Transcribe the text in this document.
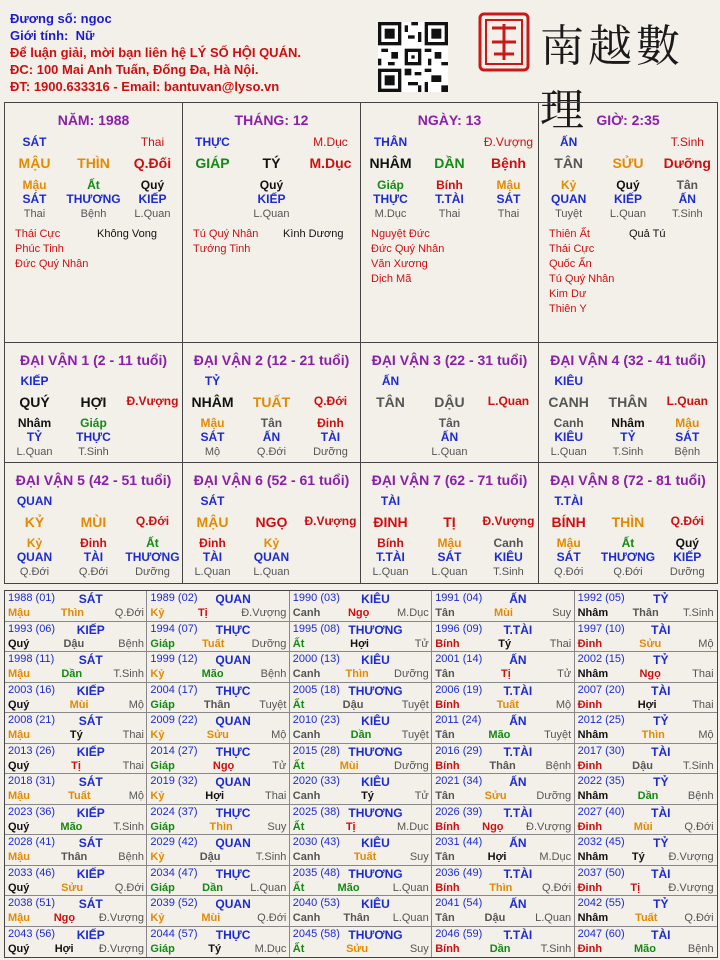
Đương số: ngoc
Giới tính: Nữ
Để luận giải, mời bạn liên hệ LÝ SỐ HỘI QUÁN.
ĐC: 100 Mai Anh Tuấn, Đống Đa, Hà Nội.
ĐT: 1900.633316 - Email: bantuvan@lyso.vn
南越數理
NĂM: 1988
SÁT	Thai
MẬU	THÌN	Q.Đối
Mậu	Ất	Quý
SÁT	THƯƠNG	KIẾP
Thai	Bệnh	L.Quan
Thái Cực
Phúc Tinh
Đức Quý Nhân
Không Vong
THÁNG: 12
THỰC	M.Dục
GIÁP	TÝ	M.Dục
Quý
KIẾP
L.Quan
Tú Quý Nhân
Tướng Tinh
Kình Dương
NGÀY: 13
THÂN	Đ.Vượng
NHÂM	DẦN	Bệnh
Giáp	Bính	Mậu
THỰC	T.TÀI	SÁT
M.Dục	Thai	Thai
Nguyệt Đức
Đức Quý Nhân
Văn Xương
Dịch Mã
GIỜ: 2:35
ẤN	T.Sinh
TÂN	SỬU	Dưỡng
Kỷ	Quý	Tân
QUAN	KIẾP	ẤN
Tuyệt	L.Quan	T.Sinh
Thiên Ất
Thái Cực
Quốc Ấn
Tú Quý Nhân
Kim Dư
Thiên Y
Quả Tú
ĐẠI VẬN 1 (2 - 11 tuổi)
KIẾP
QUÝ	HỢI	Đ.Vượng
Nhâm	Giáp
TỶ	THỰC
L.Quan	T.Sinh
ĐẠI VẬN 2 (12 - 21 tuổi)
TỶ
NHÂM	TUẤT	Q.Đới
Mậu	Tân	Đinh
SÁT	ẤN	TÀI
Mộ	Q.Đới	Dưỡng
ĐẠI VẬN 3 (22 - 31 tuổi)
ẤN
TÂN	DẬU	L.Quan
Tân
ẤN
L.Quan
ĐẠI VẬN 4 (32 - 41 tuổi)
KIÊU
CANH	THÂN	L.Quan
Canh	Nhâm	Mậu
KIÊU	TỶ	SÁT
L.Quan	T.Sinh	Bệnh
ĐẠI VẬN 5 (42 - 51 tuổi)
QUAN
KỶ	MÙI	Q.Đới
Kỷ	Đinh	Ất
QUAN	TÀI	THƯƠNG
Q.Đới	Q.Đới	Dưỡng
ĐẠI VẬN 6 (52 - 61 tuổi)
SÁT
MẬU	NGỌ	Đ.Vượng
Đinh	Kỷ
TÀI	QUAN
L.Quan	L.Quan
ĐẠI VẬN 7 (62 - 71 tuổi)
TÀI
ĐINH	TỊ	Đ.Vượng
Bính	Mậu	Canh
T.TÀI	SÁT	KIÊU
L.Quan	L.Quan	T.Sinh
ĐẠI VẬN 8 (72 - 81 tuổi)
T.TÀI
BÍNH	THÌN	Q.Đới
Mậu	Ất	Quý
SÁT	THƯƠNG	KIẾP
Q.Đới	Q.Đới	Dưỡng
1988 (01)	SÁT
Mậu	Thìn	Q.Đới
1989 (02)	QUAN
Kỷ	Tị	Đ.Vượng
1990 (03)	KIÊU
Canh	Ngọ	M.Dục
1991 (04)	ẤN
Tân	Mùi	Suy
1992 (05)	TỶ
Nhâm Thân T.Sinh
1993 (06)	KIẾP
Quý	Dậu	Bệnh
1994 (07)	THỰC
Giáp Tuất Dưỡng
1995 (08) THƯƠNG
Ất	Hợi	Tử
1996 (09)	T.TÀI
Bính	Tý	Thai
1997 (10)	TÀI
Đinh	Sửu	Mộ
1998 (11)	SÁT
Mậu	Dần	T.Sinh
1999 (12)	QUAN
Kỷ	Mão	Bệnh
2000 (13)	KIÊU
Canh Thìn Dưỡng
2001 (14)	ẤN
Tân	Tị	Tử
2002 (15)	TỶ
Nhâm	Ngọ	Thai
2003 (16)	KIẾP
Quý	Mùi	Mộ
2004 (17)	THỰC
Giáp	Thân	Tuyệt
2005 (18) THƯƠNG
Ất	Dậu	Tuyệt
2006 (19)	T.TÀI
Bính	Tuất	Mộ
2007 (20)	TÀI
Đinh	Hợi	Thai
2008 (21)	SÁT
Mậu	Tý	Thai
2009 (22)	QUAN
Kỷ	Sửu	Mộ
2010 (23)	KIÊU
Canh	Dần	Tuyệt
2011 (24)	ẤN
Tân	Mão	Tuyệt
2012 (25)	TỶ
Nhâm	Thìn	Mộ
2013 (26)	KIẾP
Quý	Tị	Thai
2014 (27)	THỰC
Giáp	Ngọ	Tử
2015 (28) THƯƠNG
Ất	Mùi	Dưỡng
2016 (29)	T.TÀI
Bính	Thân	Bệnh
2017 (30)	TÀI
Đinh	Dậu	T.Sinh
2018 (31)	SÁT
Mậu	Tuất	Mộ
2019 (32)	QUAN
Kỷ	Hợi	Thai
2020 (33)	KIÊU
Canh	Tý	Tử
2021 (34)	ẤN
Tân	Sửu	Dưỡng
2022 (35)	TỶ
Nhâm	Dần	Bệnh
2023 (36)	KIẾP
Quý	Mão	T.Sinh
2024 (37)	THỰC
Giáp	Thìn	Suy
2025 (38) THƯƠNG
Ất	Tị	M.Dục
2026 (39)	T.TÀI
Bính Ngọ Đ.Vượng
2027 (40)	TÀI
Đinh	Mùi	Q.Đới
2028 (41)	SÁT
Mậu	Thân	Bệnh
2029 (42)	QUAN
Kỷ	Dậu	T.Sinh
2030 (43)	KIÊU
Canh	Tuất	Suy
2031 (44)	ẤN
Tân	Hợi	M.Dục
2032 (45)	TỶ
Nhâm Tý Đ.Vượng
2033 (46)	KIẾP
Quý	Sửu	Q.Đới
2034 (47)	THỰC
Giáp Dần L.Quan
2035 (48) THƯƠNG
Ất	Mão	L.Quan
2036 (49)	T.TÀI
Bính	Thìn	Q.Đới
2037 (50)	TÀI
Đinh	Tị	Đ.Vượng
2038 (51)	SÁT
Mậu Ngọ Đ.Vượng
2039 (52)	QUAN
Kỷ	Mùi	Q.Đới
2040 (53)	KIÊU
Canh Thân L.Quan
2041 (54)	ẤN
Tân	Dậu	L.Quan
2042 (55)	TỶ
Nhâm Tuất Q.Đới
2043 (56)	KIẾP
Quý Hợi Đ.Vượng
2044 (57)	THỰC
Giáp	Tý	M.Dục
2045 (58) THƯƠNG
Ất	Sửu	Suy
2046 (59)	T.TÀI
Bính	Dần	T.Sinh
2047 (60)	TÀI
Đinh	Mão	Bệnh
